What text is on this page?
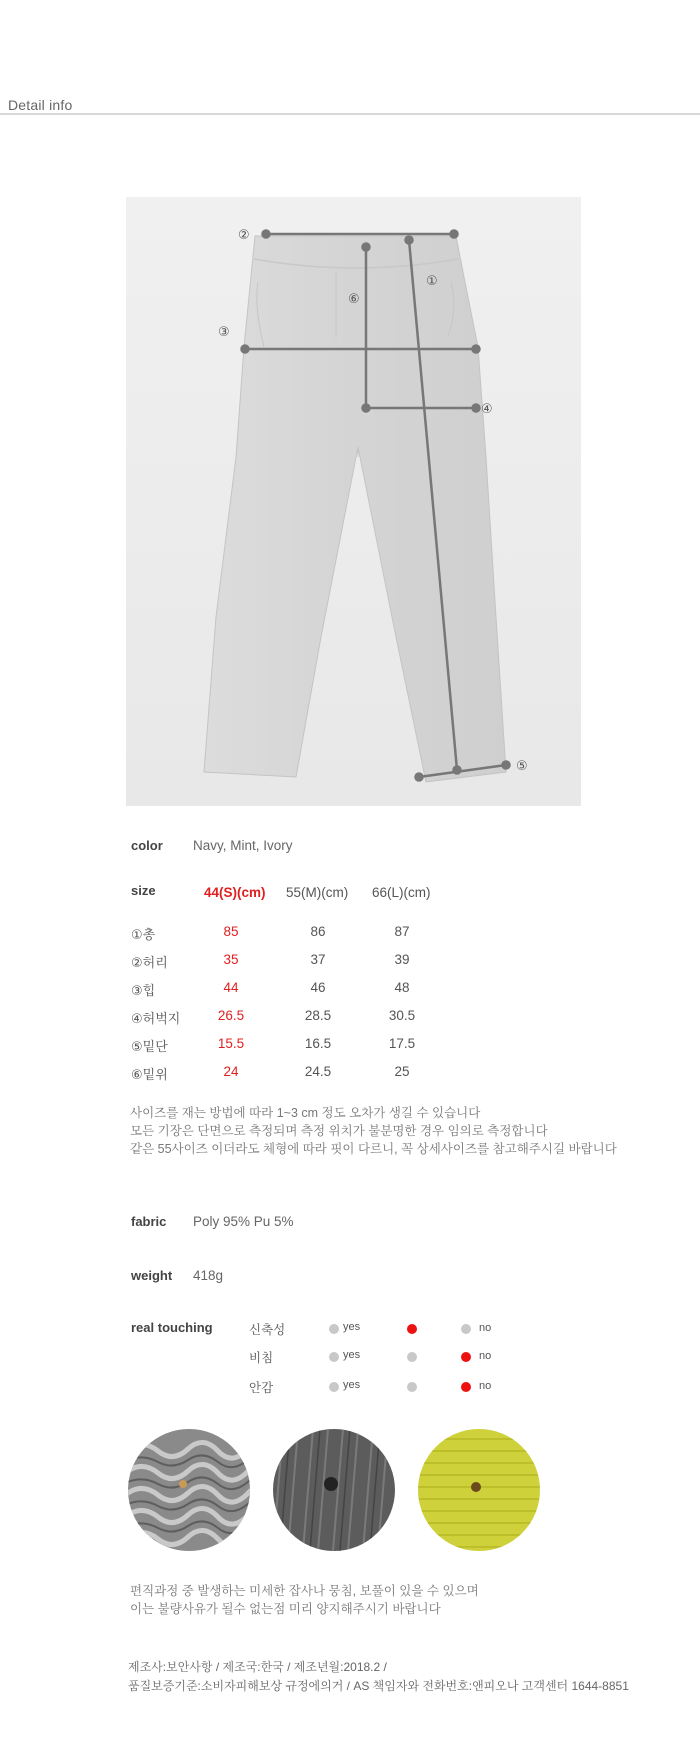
Detail info
①
②
③
④
⑤
⑥
color Navy, Mint, Ivory
size	44(S)(cm) 55(M)(cm) 66(L)(cm)
①총	85	86	87
②허리	35	37	39
③힙	44	46	48
④허벅지	26.5	28.5	30.5
⑤밑단	15.5	16.5	17.5
⑥밑위	24	24.5	25
사이즈를 재는 방법에 따라 1~3 cm 정도 오차가 생길 수 있습니다
모든 기장은 단면으로 측정되며 측정 위치가 불분명한 경우 임의로 측정합니다
같은 55사이즈 이더라도 체형에 따라 핏이 다르니, 꼭 상세사이즈를 참고해주시길 바랍니다
fabric Poly 95% Pu 5%
weight 418g
real touching	신축성	yes	no
비침	yes	no
안감	yes	no
편직과정 중 발생하는 미세한 잡사나 뭉침, 보풀이 있을 수 있으며
이는 불량사유가 될수 없는점 미리 양지해주시기 바랍니다
제조사:보안사항 / 제조국:한국 / 제조년월:2018.2 /
품질보증기준:소비자피해보상 규정에의거 / AS 책임자와 전화번호:앤피오나 고객센터 1644-8851
